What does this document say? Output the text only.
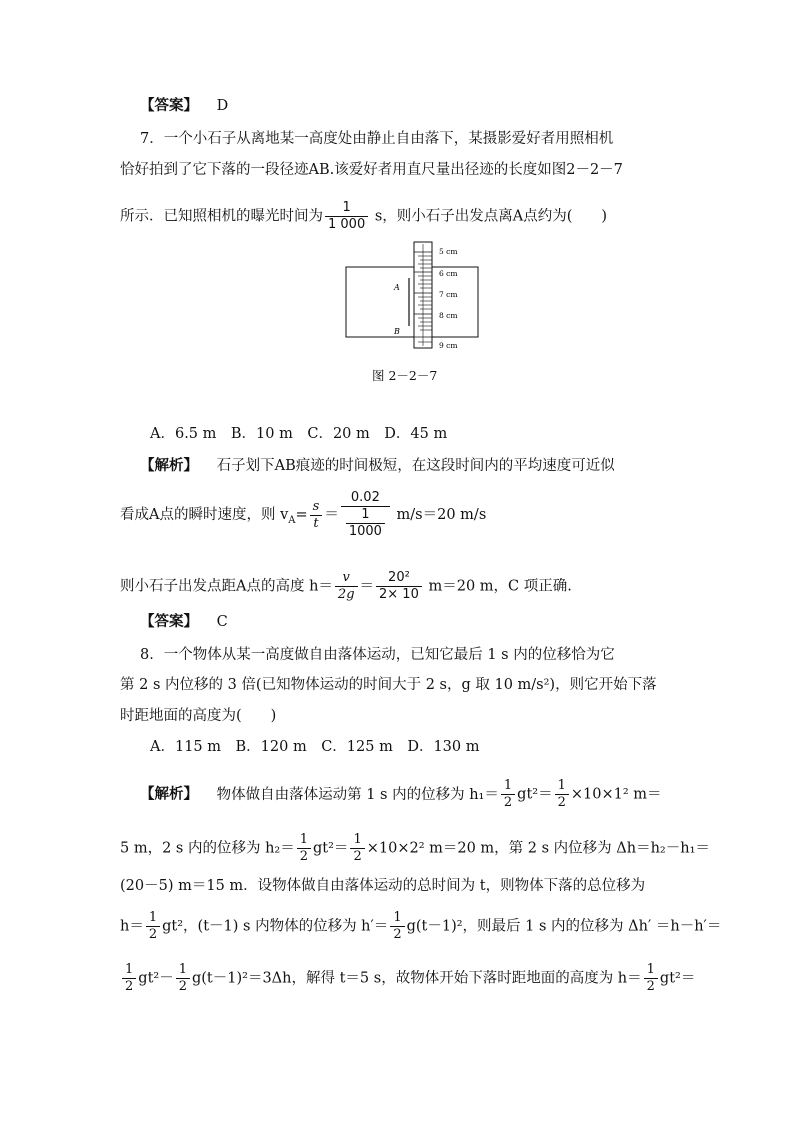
【答案】 D
7．一个小石子从离地某一高度处由静止自由落下，某摄影爱好者用照相机
恰好拍到了它下落的一段径迹AB.该爱好者用直尺量出径迹的长度如图2－2－7
所示．已知照相机的曝光时间为 $\frac{1}{1 000}$ s，则小石子出发点离A点约为(　　)
A
B
5 cm
6 cm
7 cm
8 cm
9 cm
图 2－2－7
A．6.5 m　B．10 m　C．20 m　D．45 m
【解析】 石子划下AB痕迹的时间极短，在这段时间内的平均速度可近似
看成A点的瞬时速度，则 $v_A= \frac{s}{t} = \frac{0.02}{\frac{1}{1000}} m/s=20$ m/s
则小石子出发点距A点的高度 $h= \frac{v}{2g} = \frac{\text{20²}}{2\times 10} m=20$ m，C 项正确.
【答案】 C
8．一个物体从某一高度做自由落体运动，已知它最后 1 s 内的位移恰为它
第 2 s 内位移的 3 倍(已知物体运动的时间大于 2 s，g 取 10 m/s²)，则它开始下落
时距地面的高度为(　　)
A．115 m　B．120 m　C．125 m　D．130 m
【解析】 物体做自由落体运动第 1 s 内的位移为 $h_1= \frac{1}{2} gt^2= \frac{1}{2} \times 10\times 1^2$ m＝
5 m，2 s 内的位移为 $h_2= \frac{1}{2} gt^2= \frac{1}{2} \times 10\times 2^2$ m＝20 m，第 2 s 内位移为 Δh＝h₂－h₁＝
(20－5) m＝15 m．设物体做自由落体运动的总时间为 t，则物体下落的总位移为
$h= \frac{1}{2} gt^2$，(t－1) s 内物体的位移为 $h'= \frac{1}{2} g(t-1)^2$，则最后 1 s 内的位移为 Δh′ ＝h－h′＝
$\frac{1}{2} gt^2- \frac{1}{2} g(t-1)^2=3\Delta h$，解得 t＝5 s，故物体开始下落时距地面的高度为 $h= \frac{1}{2} gt^2=$
